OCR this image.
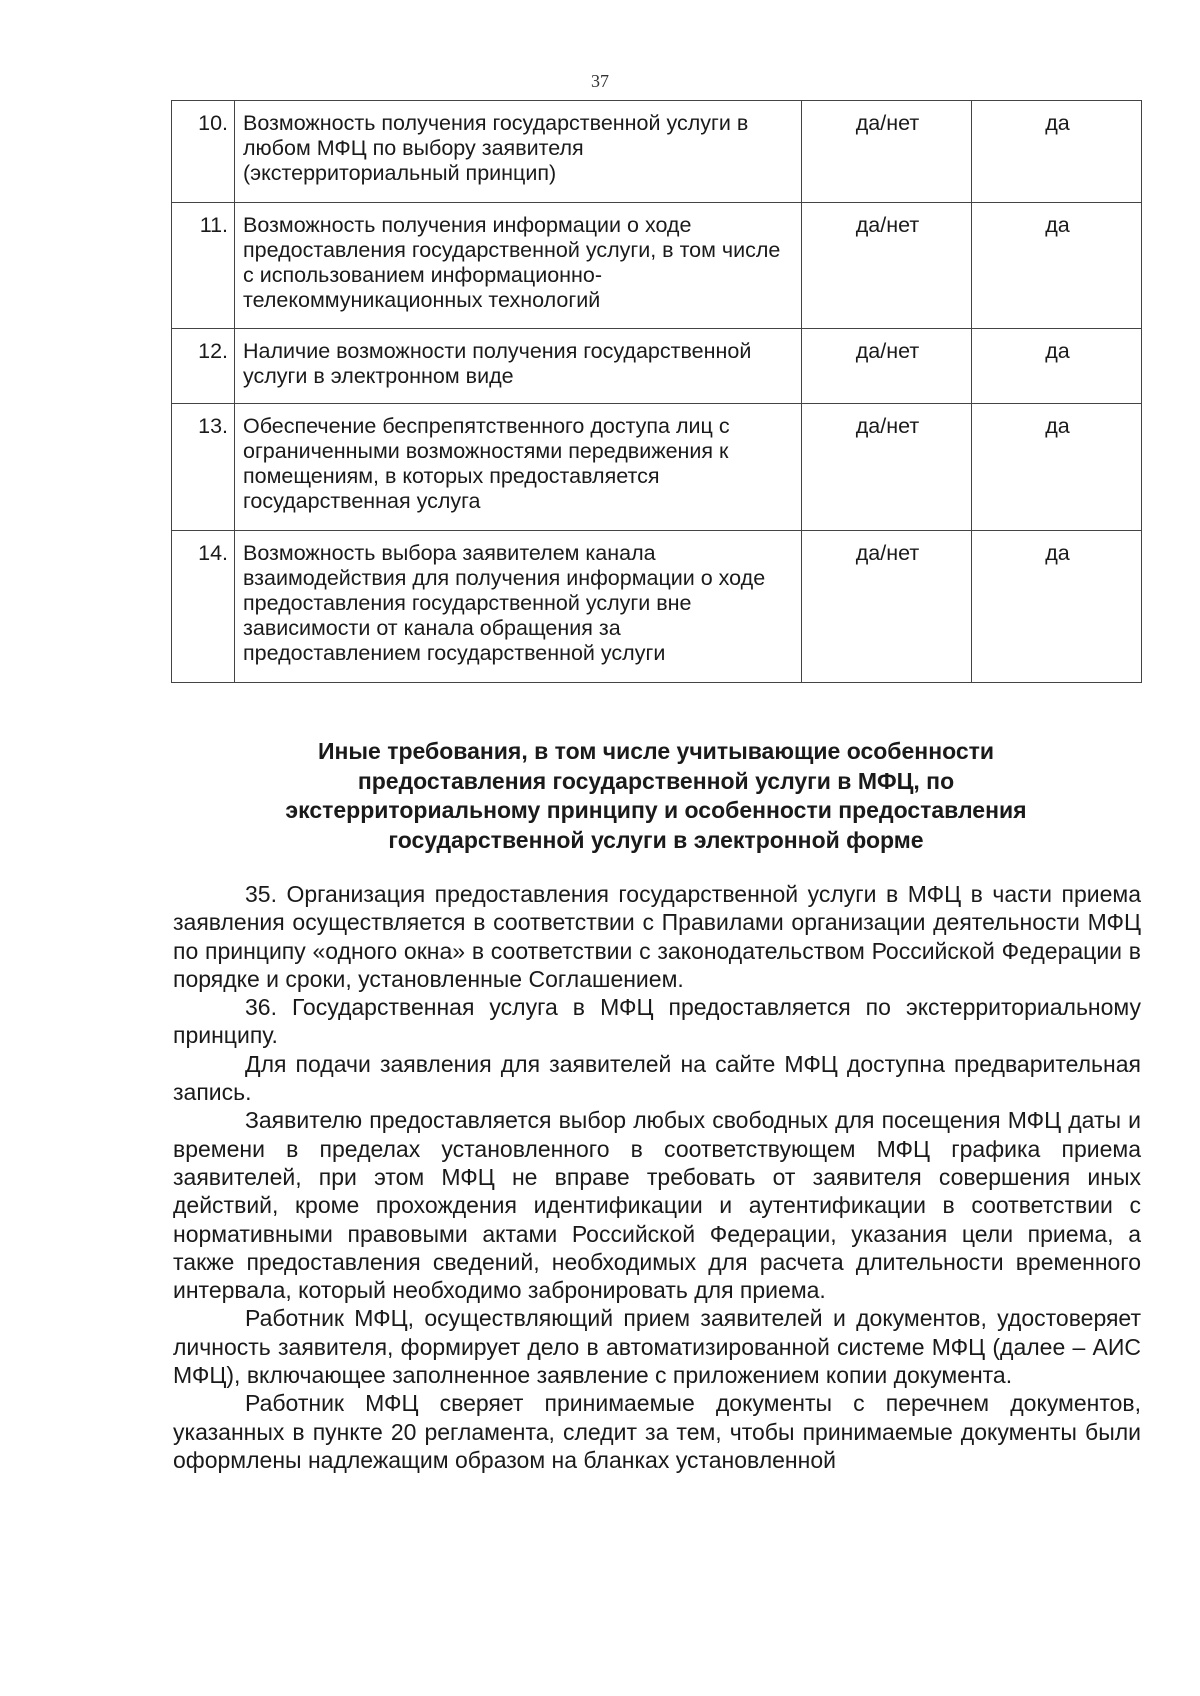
37
10.	Возможность получения государственной услуги в любом МФЦ по выбору заявителя (экстерриториальный принцип)	да/нет	да
11.	Возможность получения информации о ходе предоставления государственной услуги, в том числе с использованием информационно-телекоммуникационных технологий	да/нет	да
12.	Наличие возможности получения государственной услуги в электронном виде	да/нет	да
13.	Обеспечение беспрепятственного доступа лиц с ограниченными возможностями передвижения к помещениям, в которых предоставляется государственная услуга	да/нет	да
14.	Возможность выбора заявителем канала взаимодействия для получения информации о ходе предоставления государственной услуги вне зависимости от канала обращения за предоставлением государственной услуги	да/нет	да
Иные требования, в том числе учитывающие особенности
предоставления государственной услуги в МФЦ, по
экстерриториальному принципу и особенности предоставления
государственной услуги в электронной форме

35. Организация предоставления государственной услуги в МФЦ в части приема заявления осуществляется в соответствии с Правилами организации деятельности МФЦ по принципу «одного окна» в соответствии с законодательством Российской Федерации в порядке и сроки, установленные Соглашением.

36. Государственная услуга в МФЦ предоставляется по экстерриториальному принципу.

Для подачи заявления для заявителей на сайте МФЦ доступна предварительная запись.

Заявителю предоставляется выбор любых свободных для посещения МФЦ даты и времени в пределах установленного в соответствующем МФЦ графика приема заявителей, при этом МФЦ не вправе требовать от заявителя совершения иных действий, кроме прохождения идентификации и аутентификации в соответствии с нормативными правовыми актами Российской Федерации, указания цели приема, а также предоставления сведений, необходимых для расчета длительности временного интервала, который необходимо забронировать для приема.

Работник МФЦ, осуществляющий прием заявителей и документов, удостоверяет личность заявителя, формирует дело в автоматизированной системе МФЦ (далее – АИС МФЦ), включающее заполненное заявление с приложением копии документа.

Работник МФЦ сверяет принимаемые документы с перечнем документов, указанных в пункте 20 регламента, следит за тем, чтобы принимаемые документы были оформлены надлежащим образом на бланках установленной
